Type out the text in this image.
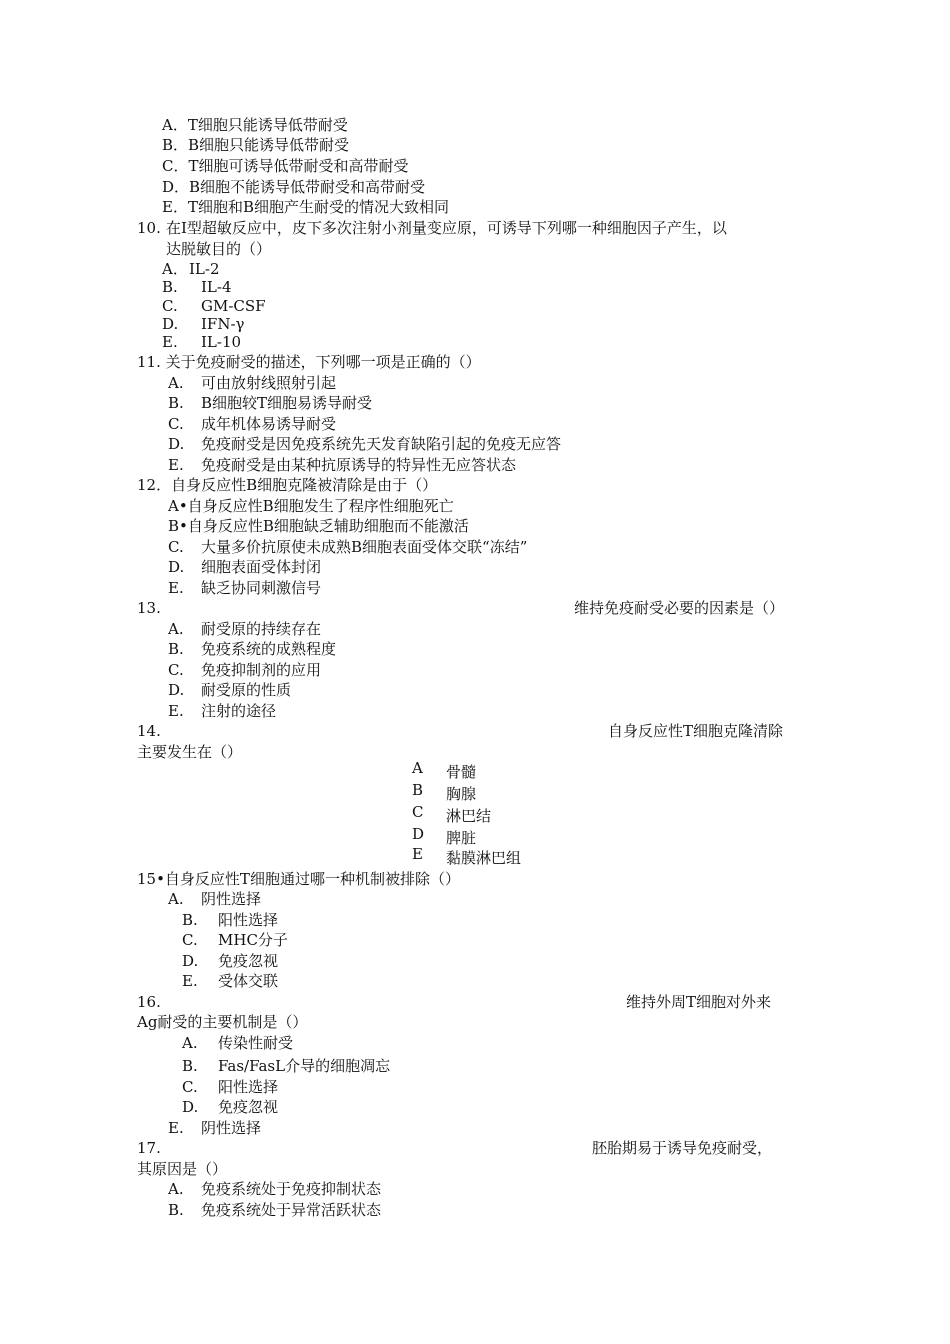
A．T细胞只能诱导低带耐受
B．B细胞只能诱导低带耐受
C．T细胞可诱导低带耐受和高带耐受
D．B细胞不能诱导低带耐受和高带耐受
E．T细胞和B细胞产生耐受的情况大致相同
10. 在I型超敏反应中，皮下多次注射小剂量变应原，可诱导下列哪一种细胞因子产生，以
达脱敏目的（）
A． IL-2
B. IL-4
C. GM-CSF
D. IFN-γ
E. IL-10
11. 关于免疫耐受的描述，下列哪一项是正确的（）
A. 可由放射线照射引起
B. B细胞较T细胞易诱导耐受
C. 成年机体易诱导耐受
D. 免疫耐受是因免疫系统先天发育缺陷引起的免疫无应答
E. 免疫耐受是由某种抗原诱导的特异性无应答状态
12．自身反应性B细胞克隆被清除是由于（）
A•自身反应性B细胞发生了程序性细胞死亡
B•自身反应性B细胞缺乏辅助细胞而不能激活
C. 大量多价抗原使未成熟B细胞表面受体交联“冻结”
D. 细胞表面受体封闭
E. 缺乏协同刺激信号
13.	维持免疫耐受必要的因素是（）
A. 耐受原的持续存在
B. 免疫系统的成熟程度
C. 免疫抑制剂的应用
D. 耐受原的性质
E. 注射的途径
14.	自身反应性T细胞克隆清除
主要发生在（）
A 骨髓
B 胸腺
C 淋巴结
D 脾脏
E 黏膜淋巴组
15•自身反应性T细胞通过哪一种机制被排除（）
A. 阴性选择
B. 阳性选择
C. MHC分子
D. 免疫忽视
E. 受体交联
16.	维持外周T细胞对外来
Ag耐受的主要机制是（）
A. 传染性耐受
B. Fas/FasL介导的细胞凋忘
C. 阳性选择
D. 免疫忽视
E. 阴性选择
17.	胚胎期易于诱导免疫耐受，
其原因是（）
A. 免疫系统处于免疫抑制状态
B. 免疫系统处于异常活跃状态
